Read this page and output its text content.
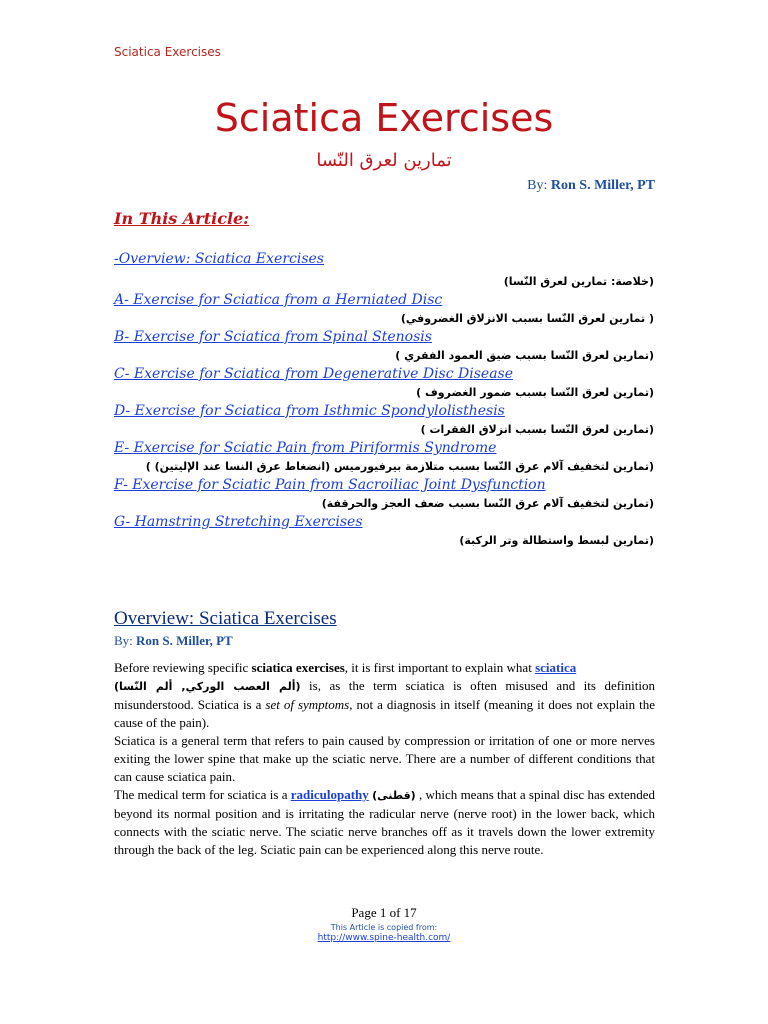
Sciatica Exercises
Sciatica Exercises
تمارين لعرق النّسا
By: Ron S. Miller, PT
In This Article:
-Overview: Sciatica Exercises
(خلاصة: تمارين لعرق النّسا)
A- Exercise for Sciatica from a Herniated Disc
( تمارين لعرق النّسا بسبب الانزلاق الغضروفي)
B- Exercise for Sciatica from Spinal Stenosis
(تمارين لعرق النّسا بسبب ضيق العمود الفقري )
C- Exercise for Sciatica from Degenerative Disc Disease
(تمارين لعرق النّسا بسبب ضمور الغضروف )
D- Exercise for Sciatica from Isthmic Spondylolisthesis
(تمارين لعرق النّسا بسبب انزلاق الفقرات )
E- Exercise for Sciatic Pain from Piriformis Syndrome
(تمارين لتخفيف آلام عرق النّسا بسبب متلازمة بيرفيورميس (انضغاط عرق النسا عند الإليتين) )
F- Exercise for Sciatic Pain from Sacroiliac Joint Dysfunction
(تمارين لتخفيف آلام عرق النّسا بسبب ضعف العجز والحرقفة)
G- Hamstring Stretching Exercises
(تمارين لبسط واستطالة وتر الركبة)
Overview: Sciatica Exercises
By: Ron S. Miller, PT

Before reviewing specific sciatica exercises, it is first important to explain what sciatica
(ألم العصب الوركي, ألم النّسا) is, as the term sciatica is often misused and its definition misunderstood. Sciatica is a set of symptoms, not a diagnosis in itself (meaning it does not explain the cause of the pain).

Sciatica is a general term that refers to pain caused by compression or irritation of one or more nerves exiting the lower spine that make up the sciatic nerve. There are a number of different conditions that can cause sciatica pain.

The medical term for sciatica is a radiculopathy (قطنى) , which means that a spinal disc has extended beyond its normal position and is irritating the radicular nerve (nerve root) in the lower back, which connects with the sciatic nerve. The sciatic nerve branches off as it travels down the lower extremity through the back of the leg. Sciatic pain can be experienced along this nerve route.

Page 1 of 17
This Article is copied from:
http://www.spine-health.com/
